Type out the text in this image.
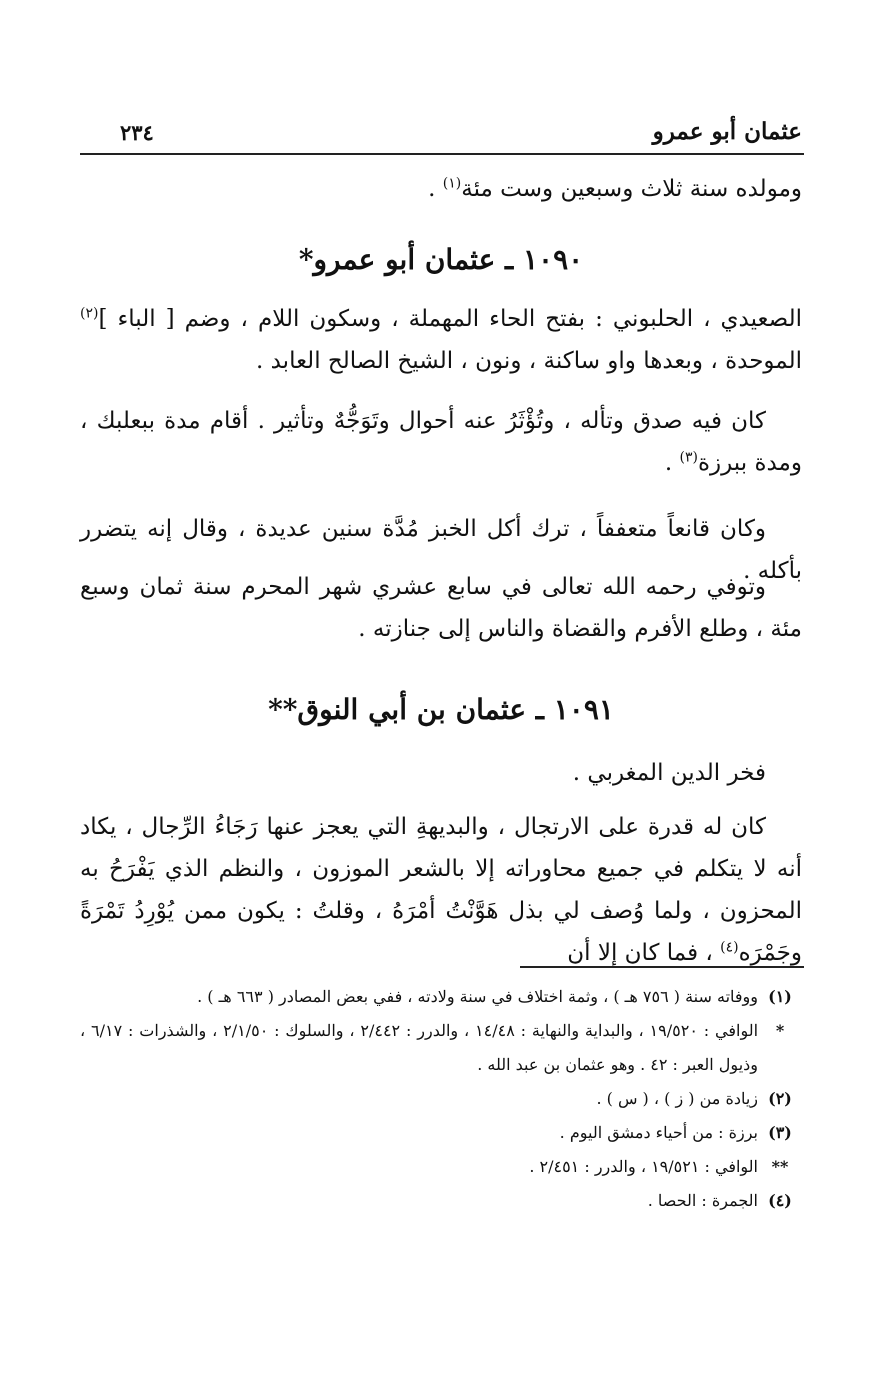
عثمان أبو عمرو
٢٣٤

ومولده سنة ثلاث وسبعين وست مئة$^{(١)}$ .

١٠٩٠ ـ عثمان أبو عمرو*

الصعيدي ، الحلبوني : بفتح الحاء المهملة ، وسكون اللام ، وضم [ الباء ]$^{(٢)}$ الموحدة ، وبعدها واو ساكنة ، ونون ، الشيخ الصالح العابد .

كان فيه صدق وتأله ، وتُؤْثَرُ عنه أحوال وتَوَجُّهٌ وتأثير . أقام مدة ببعلبك ، ومدة ببرزة$^{(٣)}$ .

وكان قانعاً متعففاً ، ترك أكل الخبز مُدَّة سنين عديدة ، وقال إنه يتضرر بأكله .

وتوفي رحمه الله تعالى في سابع عشري شهر المحرم سنة ثمان وسبع مئة ، وطلع الأفرم والقضاة والناس إلى جنازته .

١٠٩١ ـ عثمان بن أبي النوق**

فخر الدين المغربي .

كان له قدرة على الارتجال ، والبديهةِ التي يعجز عنها رَجَاءُ الرِّجال ، يكاد أنه لا يتكلم في جميع محاوراته إلا بالشعر الموزون ، والنظم الذي يَفْرَحُ به المحزون ، ولما وُصف لي بذل هَوَّنْتُ أمْرَهُ ، وقلتُ : يكون ممن يُوْرِدُ تَمْرَةً وجَمْرَه$^{(٤)}$ ، فما كان إلا أن

(١)
ووفاته سنة ( ٧٥٦ هـ ) ، وثمة اختلاف في سنة ولادته ، ففي بعض المصادر ( ٦٦٣ هـ ) .
*
الوافي : ١٩/٥٢٠ ، والبداية والنهاية : ١٤/٤٨ ، والدرر : ٢/٤٤٢ ، والسلوك : ٢/١/٥٠ ، والشذرات : ٦/١٧ ، وذيول العبر : ٤٢ . وهو عثمان بن عبد الله .
(٢)
زيادة من ( ز ) ، ( س ) .
(٣)
برزة : من أحياء دمشق اليوم .
**
الوافي : ١٩/٥٢١ ، والدرر : ٢/٤٥١ .
(٤)
الجمرة : الحصا .
